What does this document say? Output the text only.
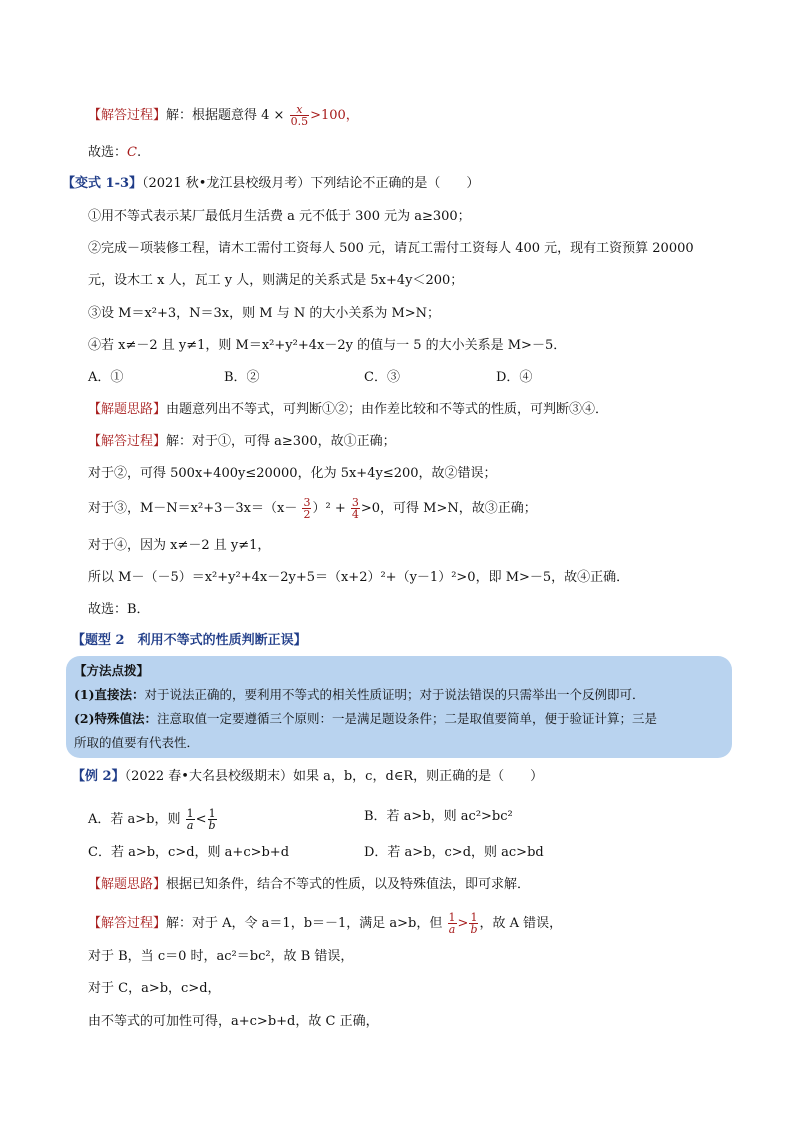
【解答过程】解：根据题意得 $4 \times \frac{x}{0.5} >100$，
故选：C.
【变式 1-3】（2021 秋•龙江县校级月考）下列结论不正确的是（　　）
①用不等式表示某厂最低月生活费 a 元不低于 300 元为 a≥300；
②完成－项装修工程，请木工需付工资每人 500 元，请瓦工需付工资每人 400 元，现有工资预算 20000
元，设木工 x 人，瓦工 y 人，则满足的关系式是 5x+4y＜200；
③设 M＝x²+3，N＝3x，则 M 与 N 的大小关系为 M>N；
④若 x≠－2 且 y≠1，则 M＝x²+y²+4x－2y 的值与一 5 的大小关系是 M>－5．
A．①	B．②	C．③	D．④
【解题思路】由题意列出不等式，可判断①②；由作差比较和不等式的性质，可判断③④．
【解答过程】解：对于①，可得 a≥300，故①正确；
对于②，可得 500x+400y≤20000，化为 5x+4y≤200，故②错误；
对于③，$M-N=x^2+3-3x=(x- \frac{3}{2} )^2 + \frac{3}{4} >0$，可得 M>N，故③正确；
对于④，因为 x≠－2 且 y≠1，
所以 M－（－5）＝x²+y²+4x－2y+5＝（x+2）²+（y－1）²>0，即 M>－5，故④正确．
故选：B．
【题型 2　利用不等式的性质判断正误】
【方法点拨】
(1)直接法：对于说法正确的，要利用不等式的相关性质证明；对于说法错误的只需举出一个反例即可．
(2)特殊值法：注意取值一定要遵循三个原则：一是满足题设条件；二是取值要简单，便于验证计算；三是
所取的值要有代表性．
【例 2】（2022 春•大名县校级期末）如果 a，b，c，d∈R，则正确的是（　　）
A．若 a>b，则 $\frac{1}{a} < \frac{1}{b}$	B．若 a>b，则 ac²>bc²
C．若 a>b，c>d，则 a+c>b+d	D．若 a>b，c>d，则 ac>bd
【解题思路】根据已知条件，结合不等式的性质，以及特殊值法，即可求解．
【解答过程】解：对于 A，令 a＝1，b＝－1，满足 a>b，但 $\frac{1}{a} > \frac{1}{b}$ ，故 A 错误，
对于 B，当 c＝0 时，ac²＝bc²，故 B 错误，
对于 C，a>b，c>d，
由不等式的可加性可得，a+c>b+d，故 C 正确，
